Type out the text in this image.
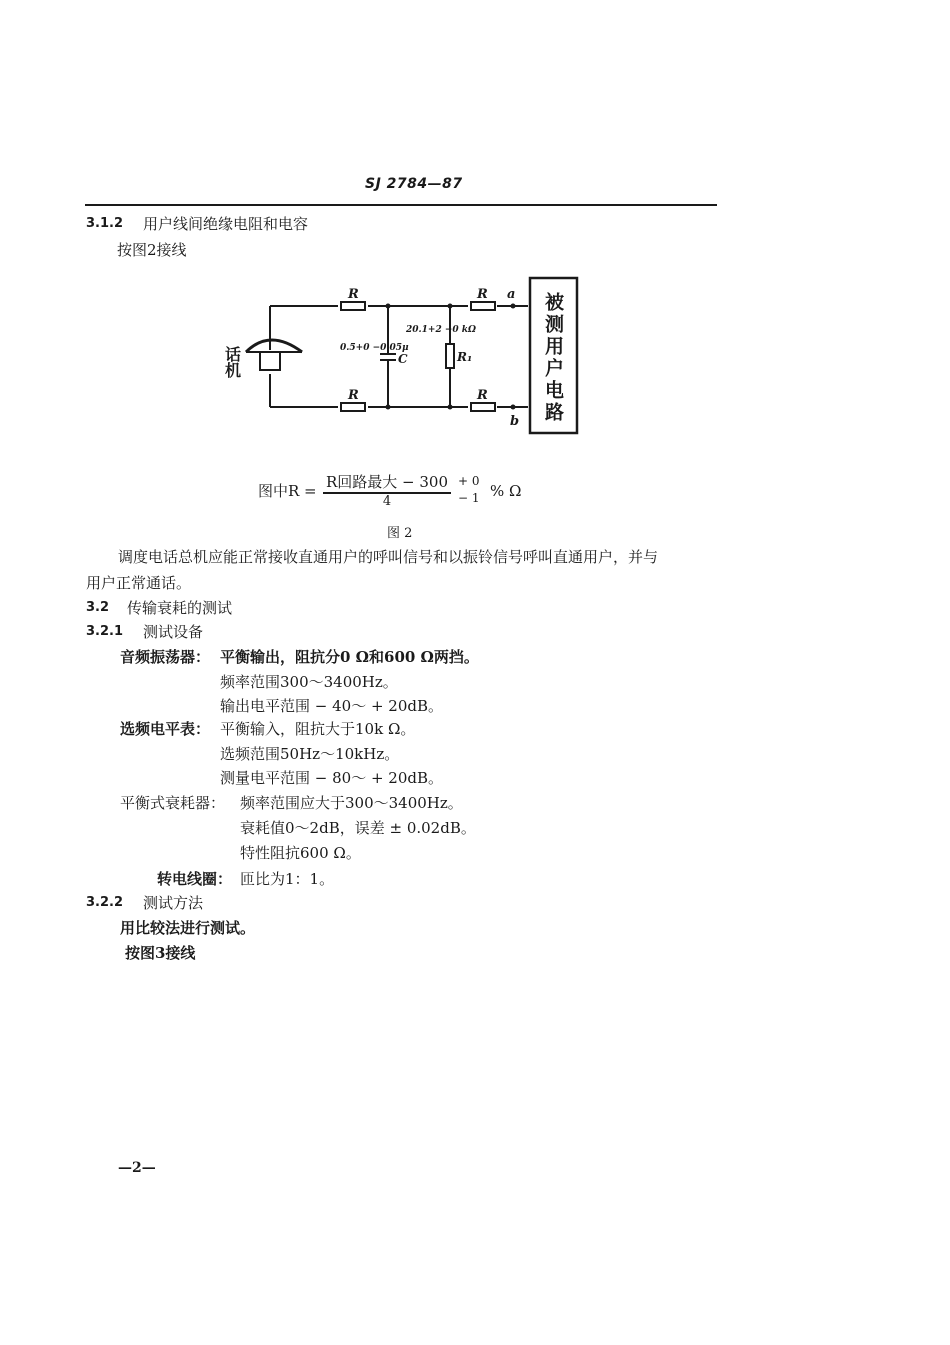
SJ 2784—87
3.1.2 用户线间绝缘电阻和电容
按图2接线
R
R
R
R
a
b
0.5+0 −0.05μ
C
20.1+2 −0 kΩ
R₁
话机	被测用户电路
图中R = R回路最大 − 300
4
+ 0
− 1 % Ω
图 2
调度电话总机应能正常接收直通用户的呼叫信号和以振铃信号呼叫直通用户，并与
用户正常通话。
3.2 传输衰耗的测试
3.2.1 测试设备
音频振荡器： 平衡输出，阻抗分0 Ω和600 Ω两挡。
频率范围300～3400Hz。
输出电平范围 − 40～ + 20dB。
选频电平表： 平衡输入，阻抗大于10k Ω。
选频范围50Hz～10kHz。
测量电平范围 − 80～ + 20dB。
平衡式衰耗器： 频率范围应大于300～3400Hz。
衰耗值0～2dB，误差 ± 0.02dB。
特性阻抗600 Ω。
转电线圈： 匝比为1：1。
3.2.2 测试方法
用比较法进行测试。
按图3接线
—2—
